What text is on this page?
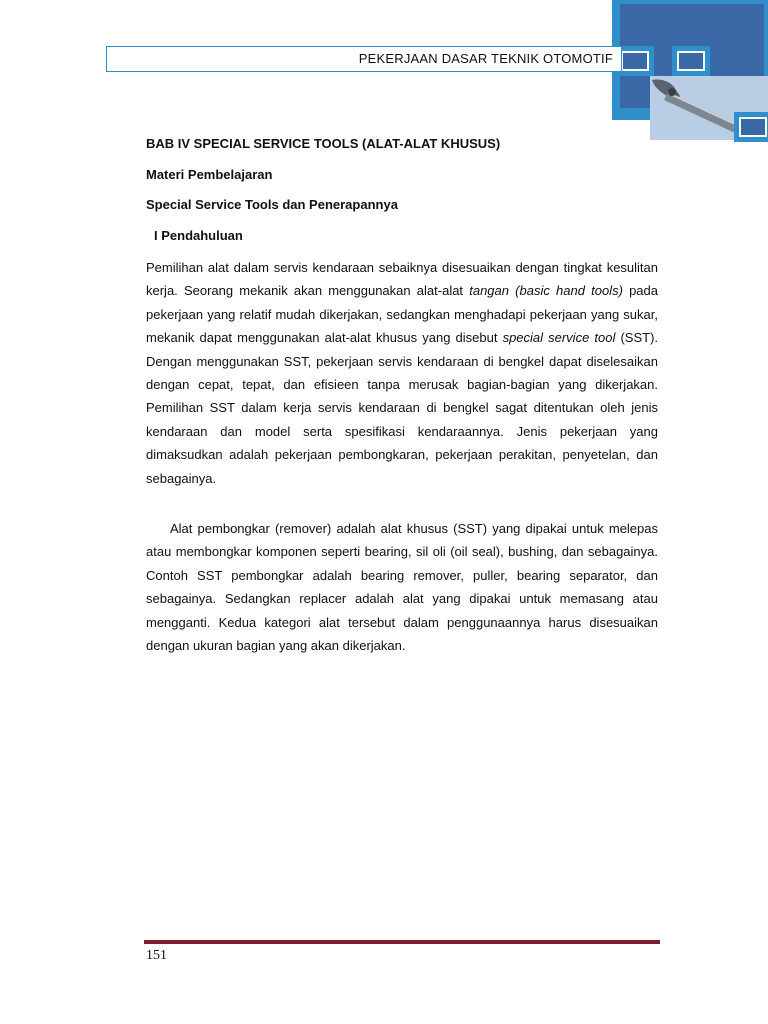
PEKERJAAN DASAR TEKNIK OTOMOTIF

BAB IV SPECIAL SERVICE TOOLS (ALAT-ALAT KHUSUS)

Materi Pembelajaran

Special Service Tools dan Penerapannya

I Pendahuluan

Pemilihan alat dalam servis kendaraan sebaiknya disesuaikan dengan tingkat kesulitan kerja. Seorang mekanik akan menggunakan alat-alat tangan (basic hand tools) pada pekerjaan yang relatif mudah dikerjakan, sedangkan menghadapi pekerjaan yang sukar, mekanik dapat menggunakan alat-alat khusus yang disebut special service tool (SST). Dengan menggunakan SST, pekerjaan servis kendaraan di bengkel dapat diselesaikan dengan cepat, tepat, dan efisieen tanpa merusak bagian-bagian yang dikerjakan. Pemilihan SST dalam kerja servis kendaraan di bengkel sagat ditentukan oleh jenis kendaraan dan model serta spesifikasi kendaraannya. Jenis pekerjaan yang dimaksudkan adalah pekerjaan pembongkaran, pekerjaan perakitan, penyetelan, dan sebagainya.

Alat pembongkar (remover) adalah alat khusus (SST) yang dipakai untuk melepas atau membongkar komponen seperti bearing, sil oli (oil seal), bushing, dan sebagainya. Contoh SST pembongkar adalah bearing remover, puller, bearing separator, dan sebagainya. Sedangkan replacer adalah alat yang dipakai untuk memasang atau mengganti. Kedua kategori alat tersebut dalam penggunaannya harus disesuaikan dengan ukuran bagian yang akan dikerjakan.

151
